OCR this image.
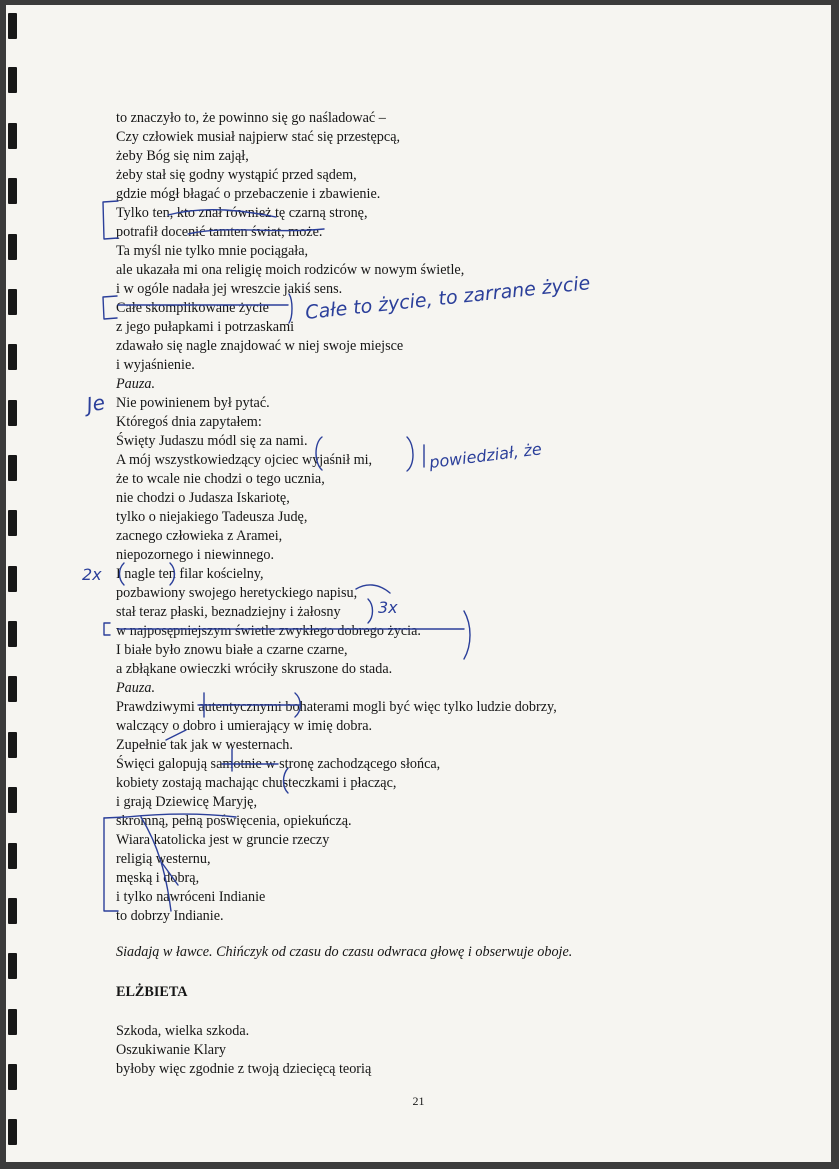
to znaczyło to, że powinno się go naśladować –
Czy człowiek musiał najpierw stać się przestępcą,
żeby Bóg się nim zajął,
żeby stał się godny wystąpić przed sądem,
gdzie mógł błagać o przebaczenie i zbawienie.
Tylko ten, kto znał również tę czarną stronę,
potrafił docenić tamten świat, może.
Ta myśl nie tylko mnie pociągała,
ale ukazała mi ona religię moich rodziców w nowym świetle,
i w ogóle nadała jej wreszcie jakiś sens.
Całe skomplikowane życie
z jego pułapkami i potrzaskami
zdawało się nagle znajdować w niej swoje miejsce
i wyjaśnienie.
Pauza.
Nie powinienem był pytać.
Któregoś dnia zapytałem:
Święty Judaszu módl się za nami.
A mój wszystkowiedzący ojciec wyjaśnił mi,
że to wcale nie chodzi o tego ucznia,
nie chodzi o Judasza Iskariotę,
tylko o niejakiego Tadeusza Judę,
zacnego człowieka z Aramei,
niepozornego i niewinnego.
I nagle ten filar kościelny,
pozbawiony swojego heretyckiego napisu,
stał teraz płaski, beznadziejny i żałosny
w najposępniejszym świetle zwykłego dobrego życia.
I białe było znowu białe a czarne czarne,
a zbłąkane owieczki wróciły skruszone do stada.
Pauza.
Prawdziwymi autentycznymi bohaterami mogli być więc tylko ludzie dobrzy,
walczący o dobro i umierający w imię dobra.
Zupełnie tak jak w westernach.
Święci galopują samotnie w stronę zachodzącego słońca,
kobiety zostają machając chusteczkami i płacząc,
i grają Dziewicę Maryję,
skromną, pełną poświęcenia, opiekuńczą.
Wiara katolicka jest w gruncie rzeczy
religią westernu,
męską i dobrą,
i tylko nawróceni Indianie
to dobrzy Indianie.
Siadają w ławce. Chińczyk od czasu do czasu odwraca głowę i obserwuje oboje.
ELŻBIETA
Szkoda, wielka szkoda.
Oszukiwanie Klary
byłoby więc zgodnie z twoją dziecięcą teorią
21
Całe to życie, to zarrane życie
powiedział, że
Je
2x
3x
